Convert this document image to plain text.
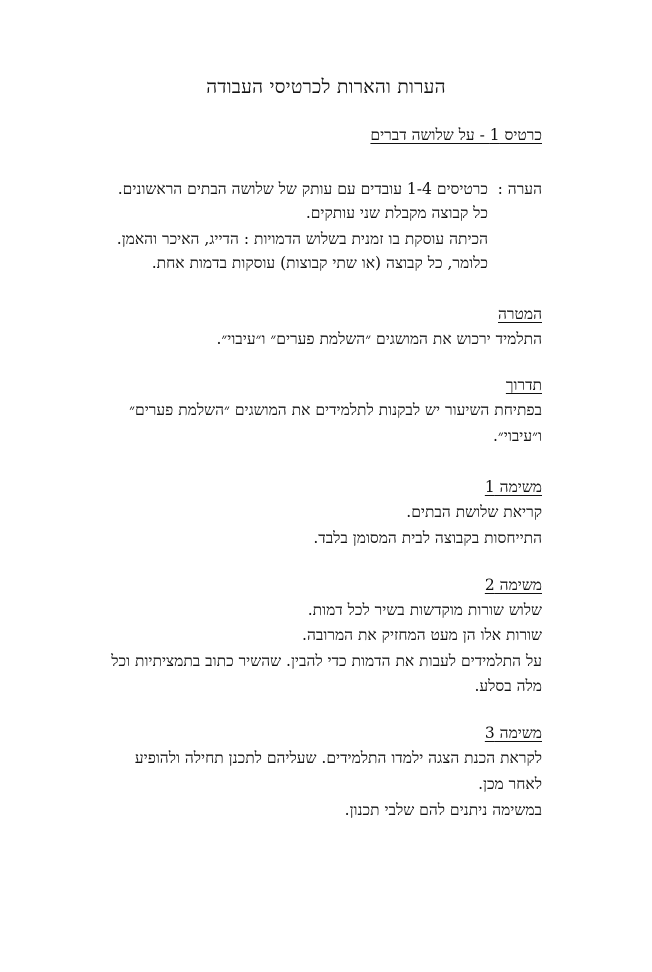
הערות והארות לכרטיסי העבודה
כרטיס 1 - על שלושה דברים
הערה :
כרטיסים 1-4 עובדים עם עותק של שלושה הבתים הראשונים.
כל קבוצה מקבלת שני עותקים.
הכיתה עוסקת בו זמנית בשלוש הדמויות : הדייג, האיכר והאמן.
כלומר, כל קבוצה (או שתי קבוצות) עוסקות בדמות אחת.
המטרה
התלמיד ירכוש את המושגים ״השלמת פערים״ ו״עיבוי״.
תדרוך
בפתיחת השיעור יש לבקנות לתלמידים את המושגים ״השלמת פערים״
ו״עיבוי״.
משימה 1
קריאת שלושת הבתים.
התייחסות בקבוצה לבית המסומן בלבד.
משימה 2
שלוש שורות מוקדשות בשיר לכל דמות.
שורות אלו הן מעט המחזיק את המרובה.
על התלמידים לעבות את הדמות כדי להבין. שהשיר כתוב בתמציתיות וכל
מלה בסלע.
משימה 3
לקראת הכנת הצגה ילמדו התלמידים. שעליהם לתכנן תחילה ולהופיע
לאחר מכן.
במשימה ניתנים להם שלבי תכנון.
